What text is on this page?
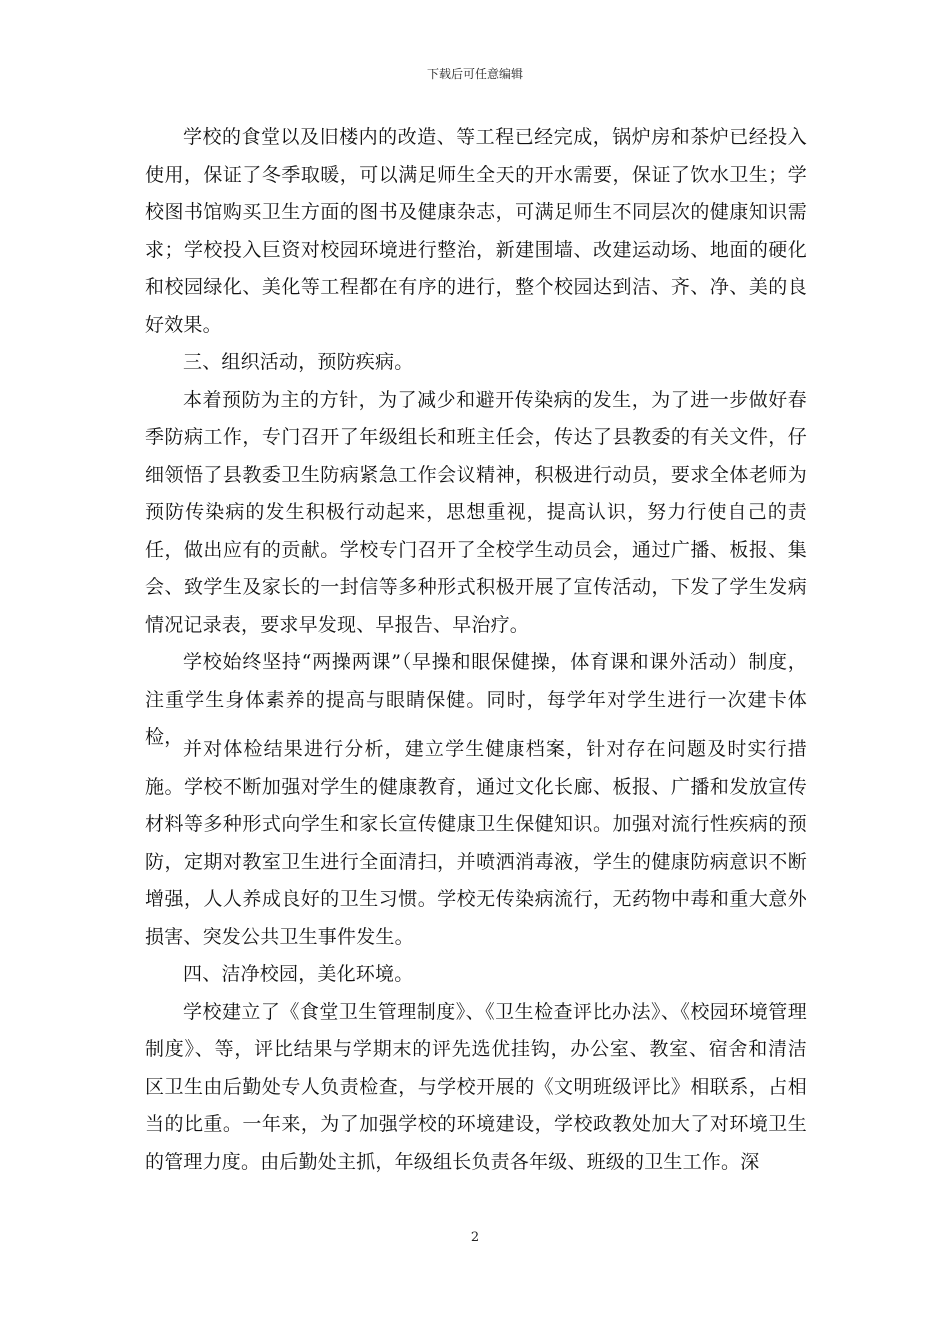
下载后可任意编辑

学校的食堂以及旧楼内的改造、等工程已经完成，锅炉房和茶炉已经投入使用，保证了冬季取暖，可以满足师生全天的开水需要，保证了饮水卫生；学校图书馆购买卫生方面的图书及健康杂志，可满足师生不同层次的健康知识需求；学校投入巨资对校园环境进行整治，新建围墙、改建运动场、地面的硬化和校园绿化、美化等工程都在有序的进行，整个校园达到洁、齐、净、美的良好效果。

三、组织活动，预防疾病。

本着预防为主的方针，为了减少和避开传染病的发生，为了进一步做好春季防病工作，专门召开了年级组长和班主任会，传达了县教委的有关文件，仔细领悟了县教委卫生防病紧急工作会议精神，积极进行动员，要求全体老师为预防传染病的发生积极行动起来，思想重视，提高认识，努力行使自己的责任，做出应有的贡献。学校专门召开了全校学生动员会，通过广播、板报、集会、致学生及家长的一封信等多种形式积极开展了宣传活动，下发了学生发病情况记录表，要求早发现、早报告、早治疗。

学校始终坚持“两操两课”（早操和眼保健操，体育课和课外活动）制度，注重学生身体素养的提高与眼睛保健。同时，每学年对学生进行一次建卡体检，

并对体检结果进行分析，建立学生健康档案，针对存在问题及时实行措施。学校不断加强对学生的健康教育，通过文化长廊、板报、广播和发放宣传材料等多种形式向学生和家长宣传健康卫生保健知识。加强对流行性疾病的预防，定期对教室卫生进行全面清扫，并喷洒消毒液，学生的健康防病意识不断增强，人人养成良好的卫生习惯。学校无传染病流行，无药物中毒和重大意外损害、突发公共卫生事件发生。

四、洁净校园，美化环境。

学校建立了《食堂卫生管理制度》、《卫生检查评比办法》、《校园环境管理制度》、等，评比结果与学期末的评先选优挂钩，办公室、教室、宿舍和清洁区卫生由后勤处专人负责检查，与学校开展的《文明班级评比》相联系，占相当的比重。一年来，为了加强学校的环境建设，学校政教处加大了对环境卫生的管理力度。由后勤处主抓，年级组长负责各年级、班级的卫生工作。深

2
